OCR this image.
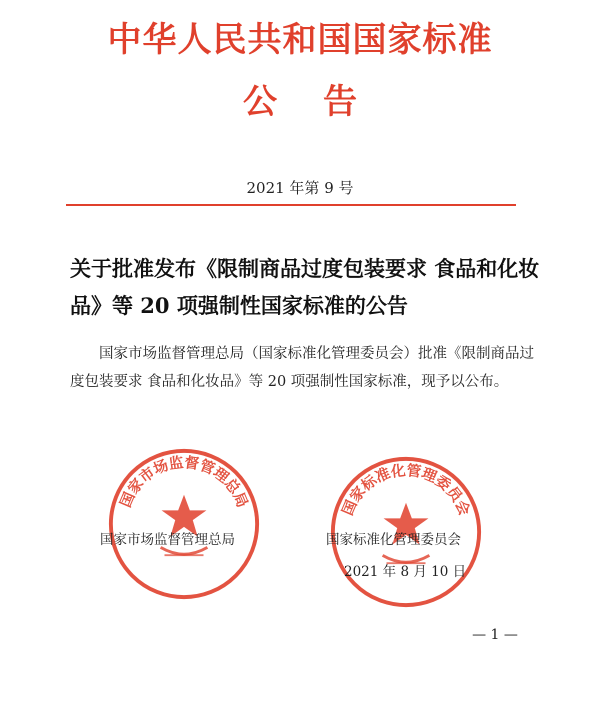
中华人民共和国国家标准
公告
2021 年第 9 号
关于批准发布《限制商品过度包装要求 食品和化妆品》等 20 项强制性国家标准的公告
国家市场监督管理总局（国家标准化管理委员会）批准《限制商品过度包装要求 食品和化妆品》等 20 项强制性国家标准，现予以公布。
国家市场监督管理总局	国家标准化管理委员会
国家市场监督管理总局	国家标准化管理委员会
2021 年 8 月 10 日
— 1 —
